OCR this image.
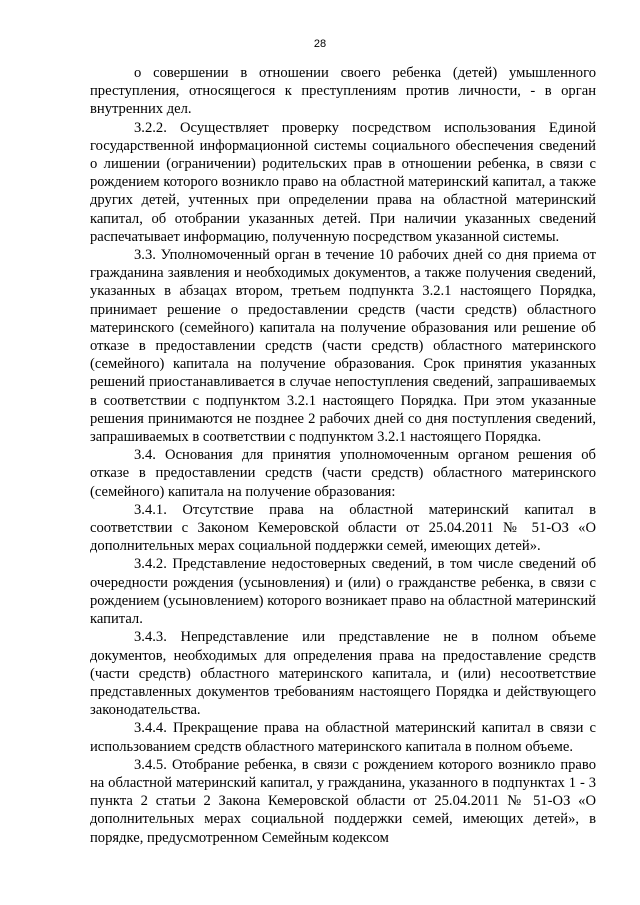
28

о совершении в отношении своего ребенка (детей) умышленного преступления, относящегося к преступлениям против личности, - в орган внутренних дел.

3.2.2. Осуществляет проверку посредством использования Единой государственной информационной системы социального обеспечения сведений о лишении (ограничении) родительских прав в отношении ребенка, в связи с рождением которого возникло право на областной материнский капитал, а также других детей, учтенных при определении права на областной материнский капитал, об отобрании указанных детей. При наличии указанных сведений распечатывает информацию, полученную посредством указанной системы.

3.3. Уполномоченный орган в течение 10 рабочих дней со дня приема от гражданина заявления и необходимых документов, а также получения сведений, указанных в абзацах втором, третьем подпункта 3.2.1 настоящего Порядка, принимает решение о предоставлении средств (части средств) областного материнского (семейного) капитала на получение образования или решение об отказе в предоставлении средств (части средств) областного материнского (семейного) капитала на получение образования. Срок принятия указанных решений приостанавливается в случае непоступления сведений, запрашиваемых в соответствии с подпунктом 3.2.1 настоящего Порядка. При этом указанные решения принимаются не позднее 2 рабочих дней со дня поступления сведений, запрашиваемых в соответствии с подпунктом 3.2.1 настоящего Порядка.

3.4. Основания для принятия уполномоченным органом решения об отказе в предоставлении средств (части средств) областного материнского (семейного) капитала на получение образования:

3.4.1. Отсутствие права на областной материнский капитал в соответствии с Законом Кемеровской области от 25.04.2011 № 51-ОЗ «О дополнительных мерах социальной поддержки семей, имеющих детей».

3.4.2. Представление недостоверных сведений, в том числе сведений об очередности рождения (усыновления) и (или) о гражданстве ребенка, в связи с рождением (усыновлением) которого возникает право на областной материнский капитал.

3.4.3. Непредставление или представление не в полном объеме документов, необходимых для определения права на предоставление средств (части средств) областного материнского капитала, и (или) несоответствие представленных документов требованиям настоящего Порядка и действующего законодательства.

3.4.4. Прекращение права на областной материнский капитал в связи с использованием средств областного материнского капитала в полном объеме.

3.4.5. Отобрание ребенка, в связи с рождением которого возникло право на областной материнский капитал, у гражданина, указанного в подпунктах 1 - 3 пункта 2 статьи 2 Закона Кемеровской области от 25.04.2011 № 51-ОЗ «О дополнительных мерах социальной поддержки семей, имеющих детей», в порядке, предусмотренном Семейным кодексом
